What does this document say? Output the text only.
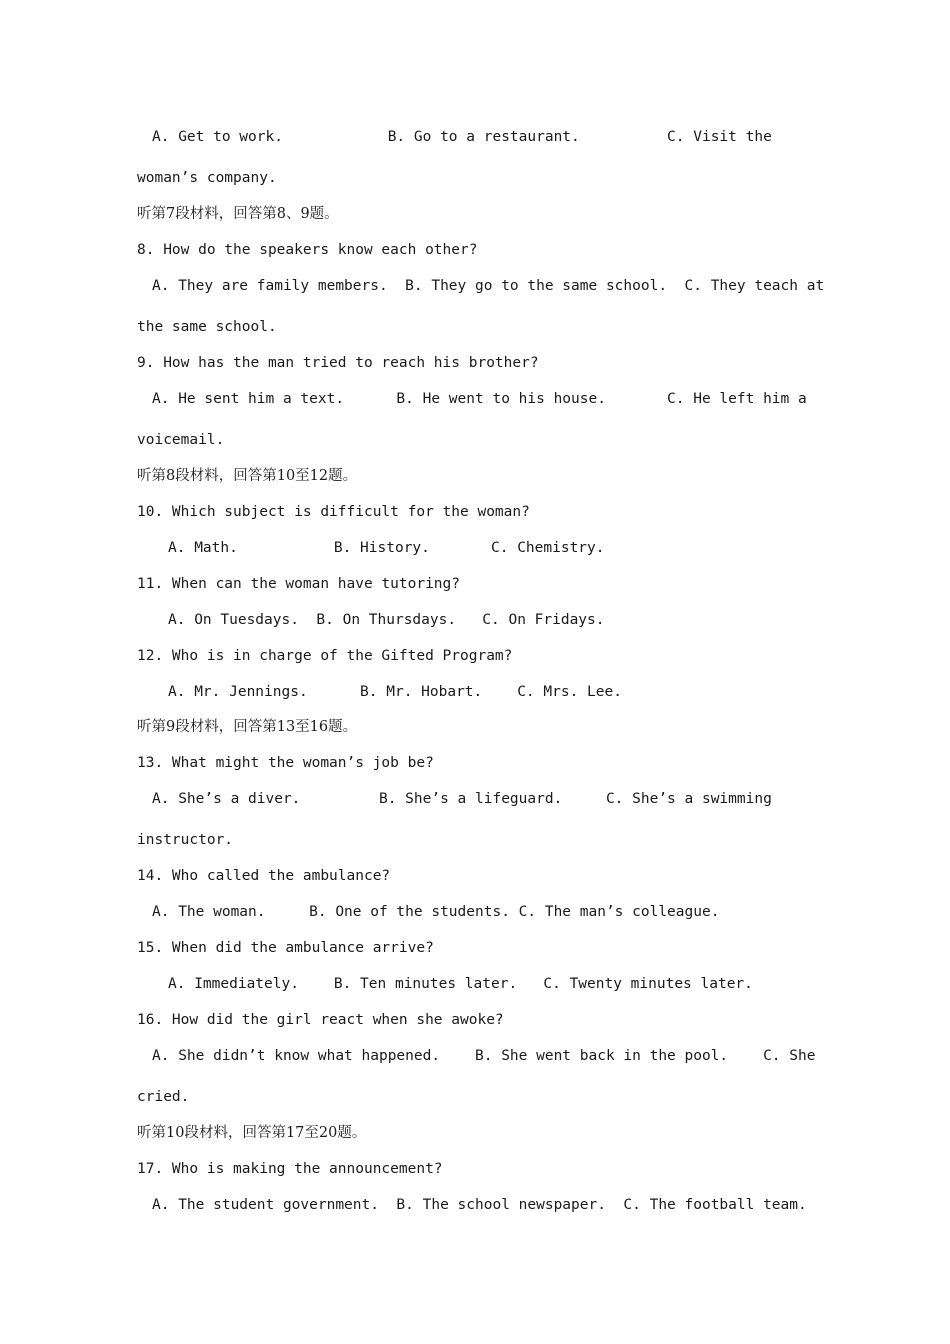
A. Get to work.            B. Go to a restaurant.          C. Visit the
woman’s company.
听第7段材料，回答第8、9题。
8. How do the speakers know each other?
A. They are family members.  B. They go to the same school.  C. They teach at
the same school.
9. How has the man tried to reach his brother?
A. He sent him a text.      B. He went to his house.       C. He left him a
voicemail.
听第8段材料，回答第10至12题。
10. Which subject is difficult for the woman?
A. Math.           B. History.       C. Chemistry.
11. When can the woman have tutoring?
A. On Tuesdays.  B. On Thursdays.   C. On Fridays.
12. Who is in charge of the Gifted Program?
A. Mr. Jennings.      B. Mr. Hobart.    C. Mrs. Lee.
听第9段材料，回答第13至16题。
13. What might the woman’s job be?
A. She’s a diver.         B. She’s a lifeguard.     C. She’s a swimming
instructor.
14. Who called the ambulance?
A. The woman.     B. One of the students. C. The man’s colleague.
15. When did the ambulance arrive?
A. Immediately.    B. Ten minutes later.   C. Twenty minutes later.
16. How did the girl react when she awoke?
A. She didn’t know what happened.    B. She went back in the pool.    C. She
cried.
听第10段材料，回答第17至20题。
17. Who is making the announcement?
A. The student government.  B. The school newspaper.  C. The football team.
